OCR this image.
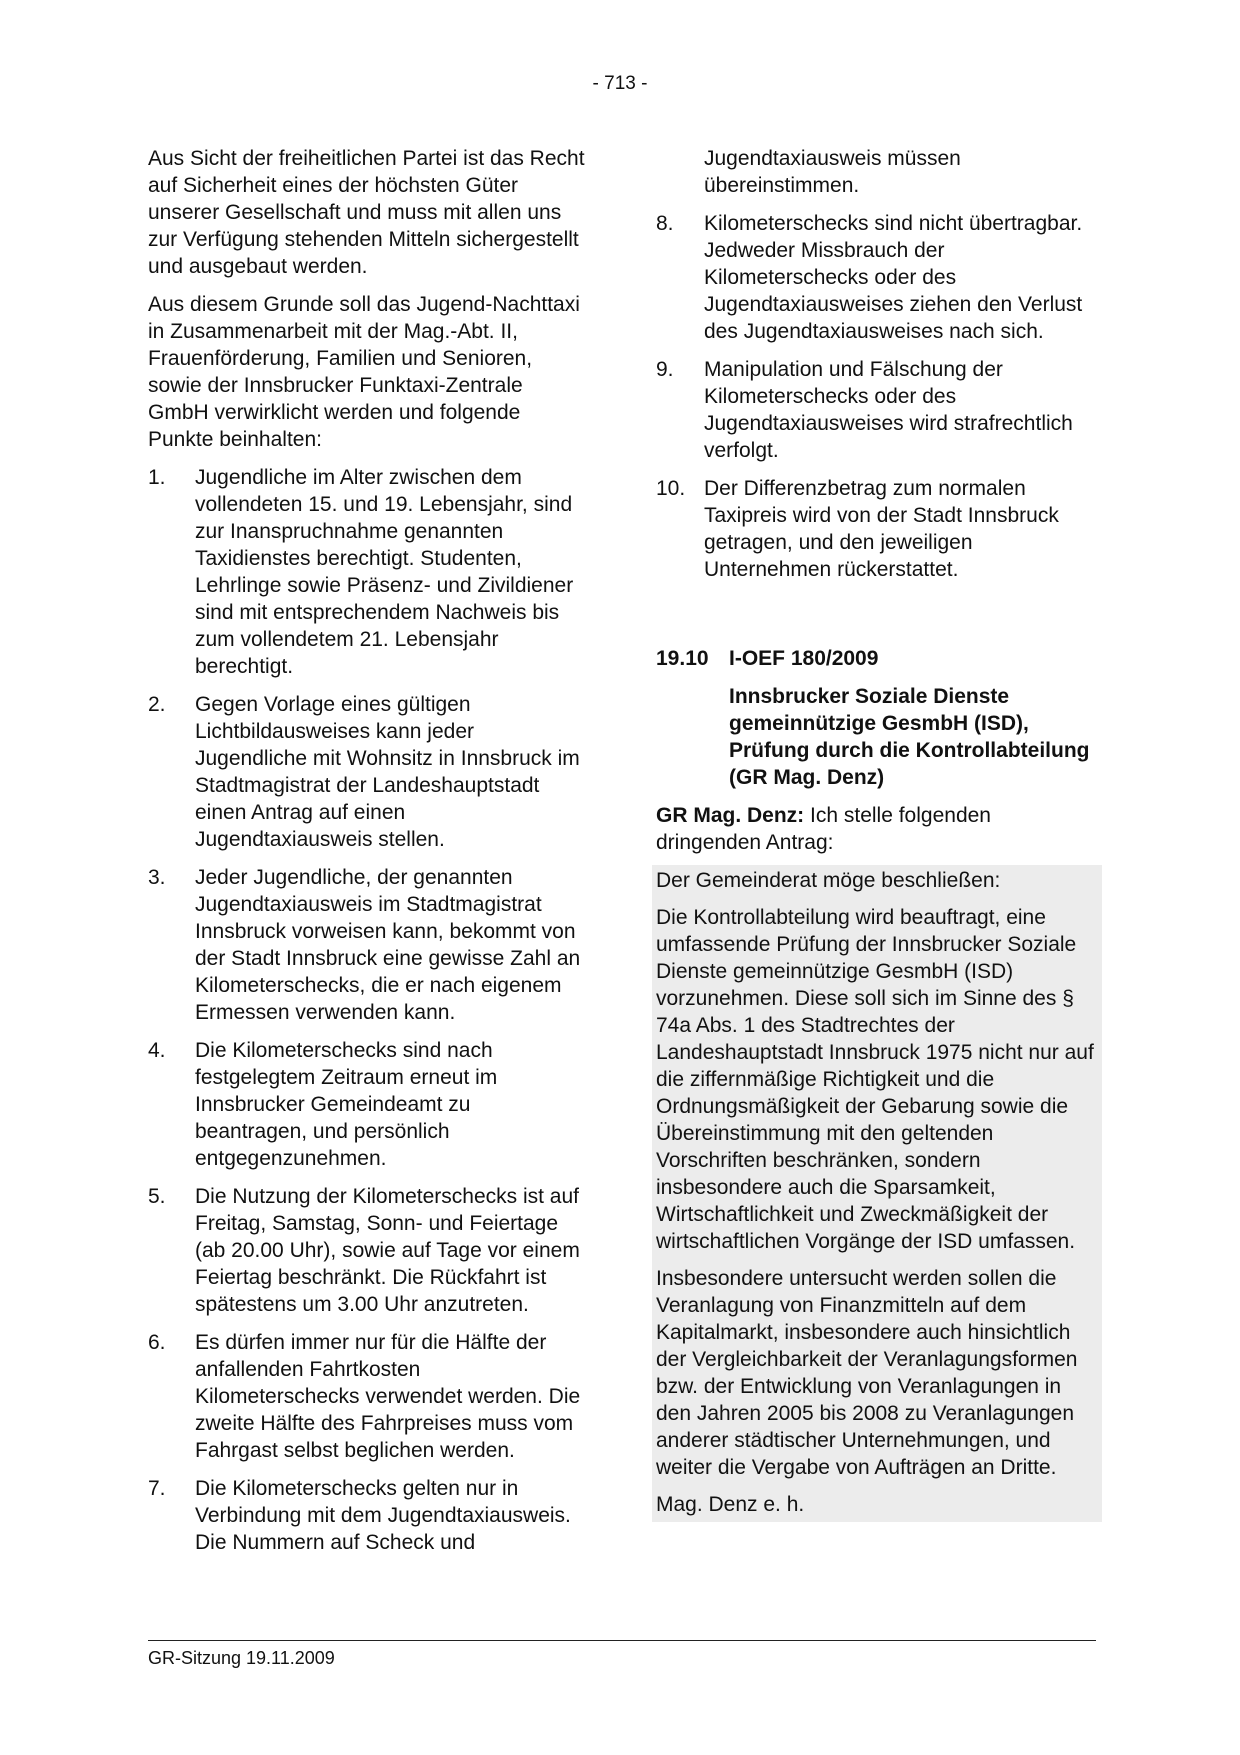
- 713 -

Aus Sicht der freiheitlichen Partei ist das Recht auf Sicherheit eines der höchsten Güter unserer Gesellschaft und muss mit allen uns zur Verfügung stehenden Mitteln sichergestellt und ausgebaut werden.

Aus diesem Grunde soll das Jugend-Nachttaxi in Zusammenarbeit mit der Mag.-Abt. II, Frauenförderung, Familien und Senioren, sowie der Innsbrucker Funktaxi-Zentrale GmbH verwirklicht werden und folgende Punkte beinhalten:

1. Jugendliche im Alter zwischen dem vollendeten 15. und 19. Lebensjahr, sind zur Inanspruchnahme genannten Taxidienstes berechtigt. Studenten, Lehrlinge sowie Präsenz- und Zivildiener sind mit entsprechendem Nachweis bis zum vollendetem 21. Lebensjahr berechtigt.
2. Gegen Vorlage eines gültigen Lichtbildausweises kann jeder Jugendliche mit Wohnsitz in Innsbruck im Stadtmagistrat der Landeshauptstadt einen Antrag auf einen Jugendtaxiausweis stellen.
3. Jeder Jugendliche, der genannten Jugendtaxiausweis im Stadtmagistrat Innsbruck vorweisen kann, bekommt von der Stadt Innsbruck eine gewisse Zahl an Kilometerschecks, die er nach eigenem Ermessen verwenden kann.
4. Die Kilometerschecks sind nach festgelegtem Zeitraum erneut im Innsbrucker Gemeindeamt zu beantragen, und persönlich entgegenzunehmen.
5. Die Nutzung der Kilometerschecks ist auf Freitag, Samstag, Sonn- und Feiertage (ab 20.00 Uhr), sowie auf Tage vor einem Feiertag beschränkt. Die Rückfahrt ist spätestens um 3.00 Uhr anzutreten.
6. Es dürfen immer nur für die Hälfte der anfallenden Fahrtkosten Kilometerschecks verwendet werden. Die zweite Hälfte des Fahrpreises muss vom Fahrgast selbst beglichen werden.
7. Die Kilometerschecks gelten nur in Verbindung mit dem Jugendtaxiausweis. Die Nummern auf Scheck und

Jugendtaxiausweis müssen übereinstimmen.

8. Kilometerschecks sind nicht übertragbar. Jedweder Missbrauch der Kilometerschecks oder des Jugendtaxiausweises ziehen den Verlust des Jugendtaxiausweises nach sich.
9. Manipulation und Fälschung der Kilometerschecks oder des Jugendtaxiausweises wird strafrechtlich verfolgt.
10. Der Differenzbetrag zum normalen Taxipreis wird von der Stadt Innsbruck getragen, und den jeweiligen Unternehmen rückerstattet.
19.10 I-OEF 180/2009
Innsbrucker Soziale Dienste gemeinnützige GesmbH (ISD), Prüfung durch die Kontrollabteilung (GR Mag. Denz)

GR Mag. Denz: Ich stelle folgenden dringenden Antrag:

Der Gemeinderat möge beschließen:

Die Kontrollabteilung wird beauftragt, eine umfassende Prüfung der Innsbrucker Soziale Dienste gemeinnützige GesmbH (ISD) vorzunehmen. Diese soll sich im Sinne des § 74a Abs. 1 des Stadtrechtes der Landeshauptstadt Innsbruck 1975 nicht nur auf die ziffernmäßige Richtigkeit und die Ordnungsmäßigkeit der Gebarung sowie die Übereinstimmung mit den geltenden Vorschriften beschränken, sondern insbesondere auch die Sparsamkeit, Wirtschaftlichkeit und Zweckmäßigkeit der wirtschaftlichen Vorgänge der ISD umfassen.

Insbesondere untersucht werden sollen die Veranlagung von Finanzmitteln auf dem Kapitalmarkt, insbesondere auch hinsichtlich der Vergleichbarkeit der Veranlagungsformen bzw. der Entwicklung von Veranlagungen in den Jahren 2005 bis 2008 zu Veranlagungen anderer städtischer Unternehmungen, und weiter die Vergabe von Aufträgen an Dritte.

Mag. Denz e. h.

GR-Sitzung 19.11.2009
